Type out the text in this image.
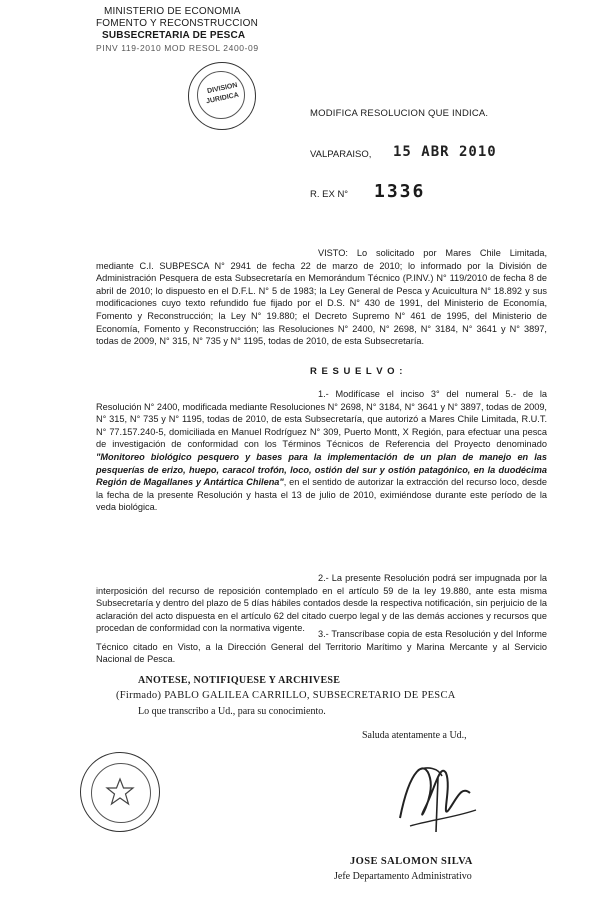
MINISTERIO DE ECONOMIA
FOMENTO Y RECONSTRUCCION
SUBSECRETARIA DE PESCA
PINV 119-2010 MOD RESOL 2400-09
DIVISION
JURIDICA
MODIFICA RESOLUCION QUE INDICA.
VALPARAISO, 15 ABR 2010
R. EX N° 1336
VISTO: Lo solicitado por Mares Chile Limitada, mediante C.I. SUBPESCA N° 2941 de fecha 22 de marzo de 2010; lo informado por la División de Administración Pesquera de esta Subsecretaría en Memorándum Técnico (P.INV.) N° 119/2010 de fecha 8 de abril de 2010; lo dispuesto en el D.F.L. N° 5 de 1983; la Ley General de Pesca y Acuicultura N° 18.892 y sus modificaciones cuyo texto refundido fue fijado por el D.S. N° 430 de 1991, del Ministerio de Economía, Fomento y Reconstrucción; la Ley N° 19.880; el Decreto Supremo N° 461 de 1995, del Ministerio de Economía, Fomento y Reconstrucción; las Resoluciones N° 2400, N° 2698, N° 3184, N° 3641 y N° 3897, todas de 2009, N° 315, N° 735 y N° 1195, todas de 2010, de esta Subsecretaría.
R E S U E L V O :
1.- Modifícase el inciso 3° del numeral 5.- de la Resolución N° 2400, modificada mediante Resoluciones N° 2698, N° 3184, N° 3641 y N° 3897, todas de 2009, N° 315, N° 735 y N° 1195, todas de 2010, de esta Subsecretaría, que autorizó a Mares Chile Limitada, R.U.T. N° 77.157.240-5, domiciliada en Manuel Rodríguez N° 309, Puerto Montt, X Región, para efectuar una pesca de investigación de conformidad con los Términos Técnicos de Referencia del Proyecto denominado "Monitoreo biológico pesquero y bases para la implementación de un plan de manejo en las pesquerías de erizo, huepo, caracol trofón, loco, ostión del sur y ostión patagónico, en la duodécima Región de Magallanes y Antártica Chilena", en el sentido de autorizar la extracción del recurso loco, desde la fecha de la presente Resolución y hasta el 13 de julio de 2010, eximiéndose durante este período de la veda biológica.
2.- La presente Resolución podrá ser impugnada por la interposición del recurso de reposición contemplado en el artículo 59 de la ley 19.880, ante esta misma Subsecretaría y dentro del plazo de 5 días hábiles contados desde la respectiva notificación, sin perjuicio de la aclaración del acto dispuesta en el artículo 62 del citado cuerpo legal y de las demás acciones y recursos que procedan de conformidad con la normativa vigente.
3.- Transcríbase copia de esta Resolución y del Informe Técnico citado en Visto, a la Dirección General del Territorio Marítimo y Marina Mercante y al Servicio Nacional de Pesca.
ANOTESE, NOTIFIQUESE Y ARCHIVESE
(Firmado) PABLO GALILEA CARRILLO, SUBSECRETARIO DE PESCA
Lo que transcribo a Ud., para su conocimiento.
Saluda atentamente a Ud.,
JOSE SALOMON SILVA
Jefe Departamento Administrativo
